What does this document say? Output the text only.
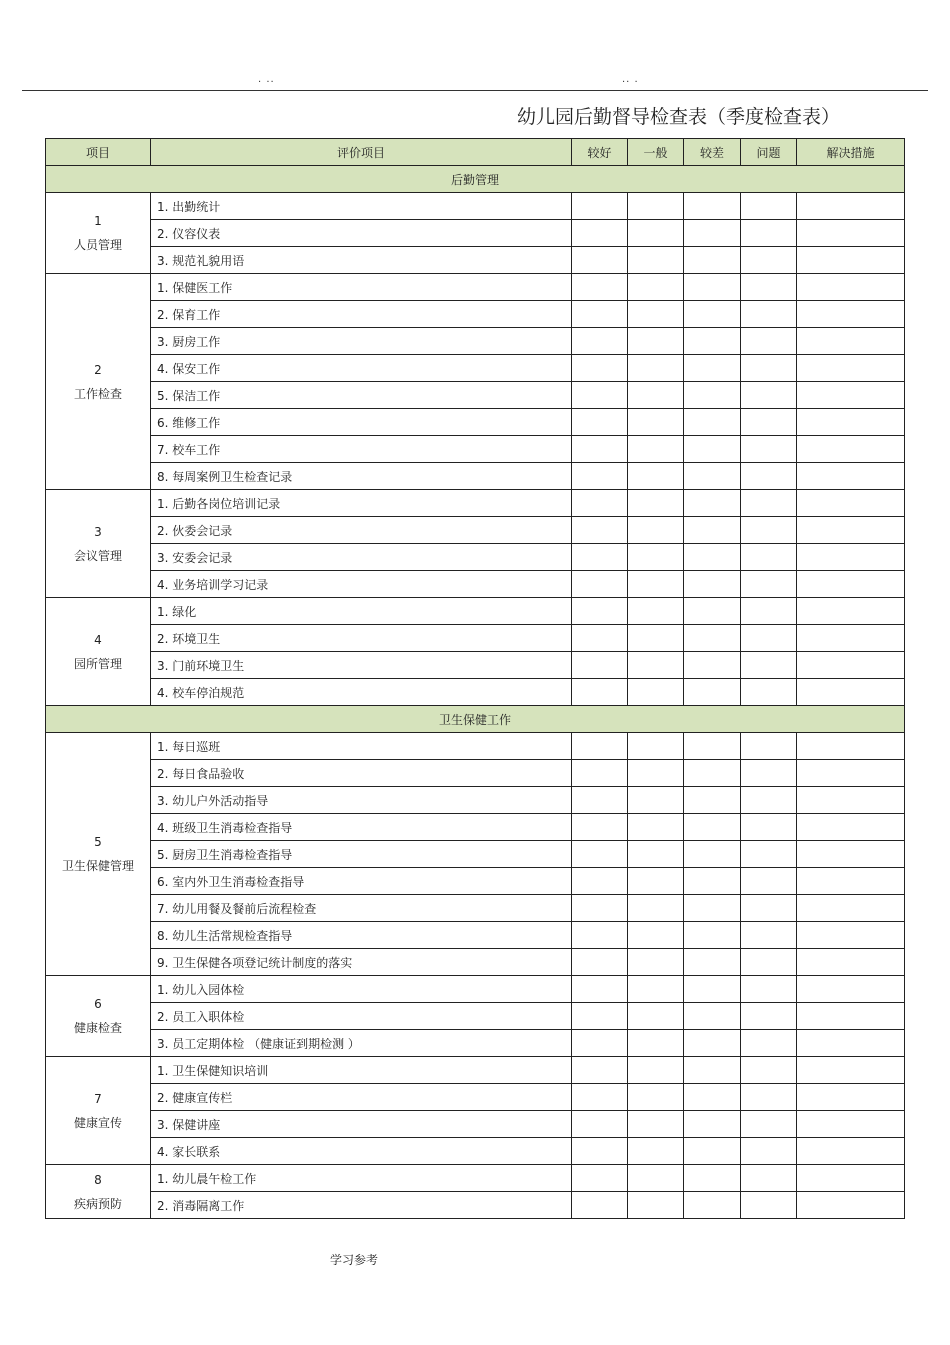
. ..	.. .
幼儿园后勤督导检查表（季度检查表）
项目	评价项目	较好	一般	较差	问题	解决措施
后勤管理						

1
人员管理	1. 出勤统计					
	2. 仪容仪表					
	3. 规范礼貌用语					

2
工作检查	1. 保健医工作					
	2. 保育工作					
	3. 厨房工作					
	4. 保安工作					
	5. 保洁工作					
	6. 维修工作					
	7. 校车工作					
	8. 每周案例卫生检查记录					

3
会议管理	1. 后勤各岗位培训记录					
	2. 伙委会记录					
	3. 安委会记录					
	4. 业务培训学习记录					

4
园所管理	1. 绿化					
	2. 环境卫生					
	3. 门前环境卫生					
	4. 校车停泊规范					
卫生保健工作						

5
卫生保健管理	1. 每日巡班					
	2. 每日食品验收					
	3. 幼儿户外活动指导					
	4. 班级卫生消毒检查指导					
	5. 厨房卫生消毒检查指导					
	6. 室内外卫生消毒检查指导					
	7. 幼儿用餐及餐前后流程检查					
	8. 幼儿生活常规检查指导					
	9. 卫生保健各项登记统计制度的落实					

6
健康检查	1. 幼儿入园体检					
	2. 员工入职体检					
	3. 员工定期体检 （健康证到期检测 ）					

7
健康宣传	1. 卫生保健知识培训					
	2. 健康宣传栏					
	3. 保健讲座					
	4. 家长联系					

8
疾病预防	1. 幼儿晨午检工作					
	2. 消毒隔离工作					
学习参考
